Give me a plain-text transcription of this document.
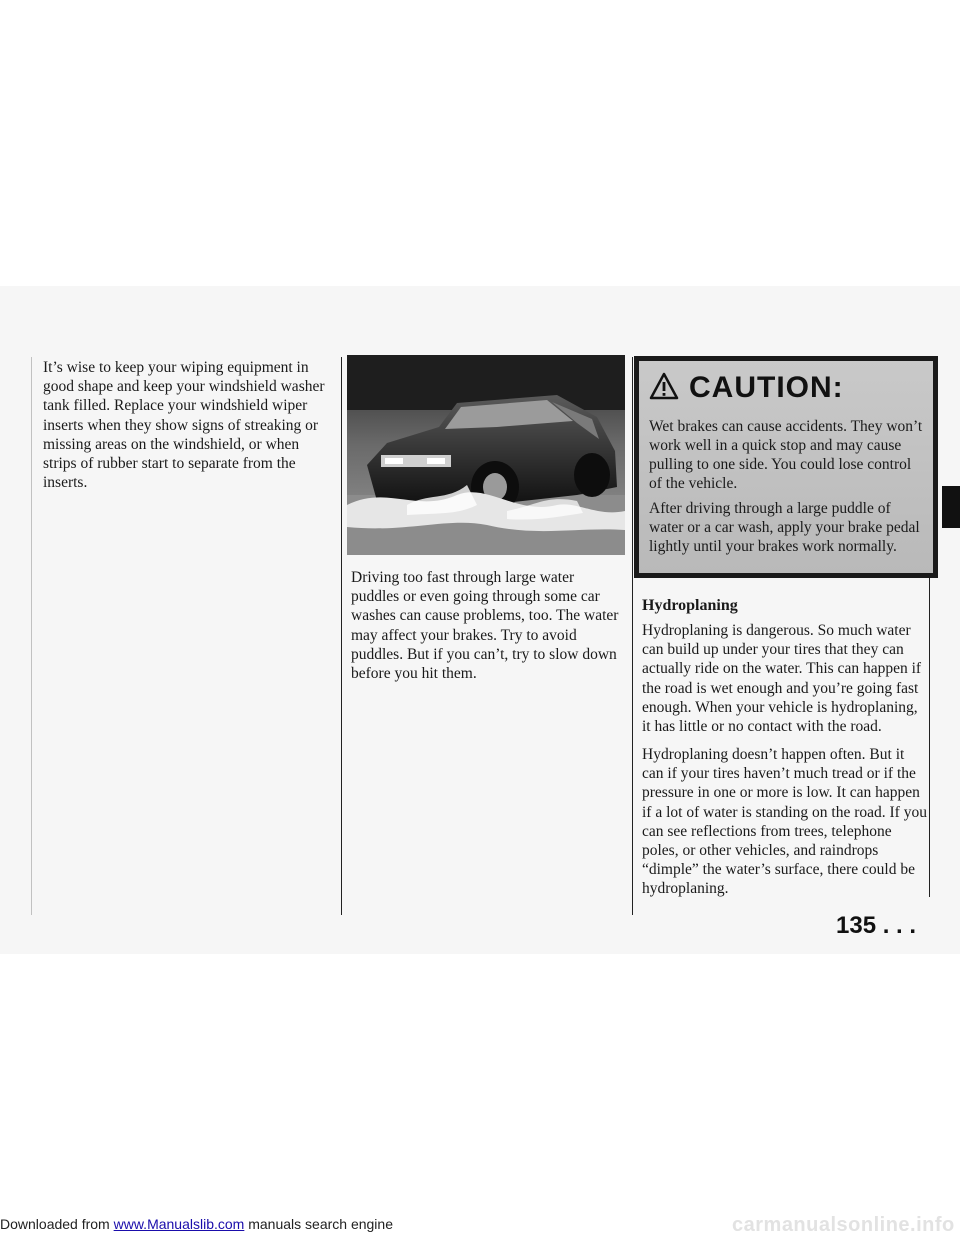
It’s wise to keep your wiping equipment in good shape and keep your windshield washer tank filled. Replace your windshield wiper inserts when they show signs of streaking or missing areas on the windshield, or when strips of rubber start to separate from the inserts.

Driving too fast through large water puddles or even going through some car washes can cause problems, too. The water may affect your brakes. Try to avoid puddles. But if you can’t, try to slow down before you hit them.

CAUTION:

Wet brakes can cause accidents. They won’t work well in a quick stop and may cause pulling to one side. You could lose control of the vehicle.

After driving through a large puddle of water or a car wash, apply your brake pedal lightly until your brakes work normally.

Hydroplaning

Hydroplaning is dangerous. So much water can build up under your tires that they can actually ride on the water. This can happen if the road is wet enough and you’re going fast enough. When your vehicle is hydroplaning, it has little or no contact with the road.

Hydroplaning doesn’t happen often. But it can if your tires haven’t much tread or if the pressure in one or more is low. It can happen if a lot of water is standing on the road. If you can see reflections from trees, telephone poles, or other vehicles, and raindrops “dimple” the water’s surface, there could be hydroplaning.

135 . . .

Downloaded from www.Manualslib.com manuals search engine	carmanualsonline.info
